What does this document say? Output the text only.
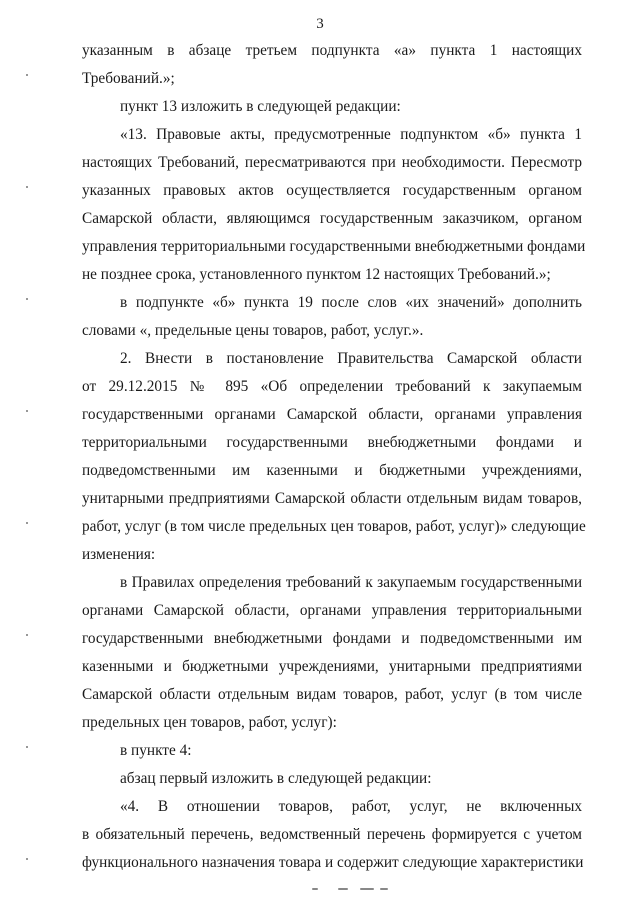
3
указанным в абзаце третьем подпункта «а» пункта 1 настоящих
Требований.»;
пункт 13 изложить в следующей редакции:
«13. Правовые акты, предусмотренные подпунктом «б» пункта 1
настоящих Требований, пересматриваются при необходимости. Пересмотр
указанных правовых актов осуществляется государственным органом
Самарской области, являющимся государственным заказчиком, органом
управления территориальными государственными внебюджетными фондами
не позднее срока, установленного пунктом 12 настоящих Требований.»;
в подпункте «б» пункта 19 после слов «их значений» дополнить
словами «, предельные цены товаров, работ, услуг.».
2. Внести в постановление Правительства Самарской области
от 29.12.2015 № 895 «Об определении требований к закупаемым
государственными органами Самарской области, органами управления
территориальными государственными внебюджетными фондами и
подведомственными им казенными и бюджетными учреждениями,
унитарными предприятиями Самарской области отдельным видам товаров,
работ, услуг (в том числе предельных цен товаров, работ, услуг)» следующие
изменения:
в Правилах определения требований к закупаемым государственными
органами Самарской области, органами управления территориальными
государственными внебюджетными фондами и подведомственными им
казенными и бюджетными учреждениями, унитарными предприятиями
Самарской области отдельным видам товаров, работ, услуг (в том числе
предельных цен товаров, работ, услуг):
в пункте 4:
абзац первый изложить в следующей редакции:
«4. В отношении товаров, работ, услуг, не включенных
в обязательный перечень, ведомственный перечень формируется с учетом
функционального назначения товара и содержит следующие характеристики
